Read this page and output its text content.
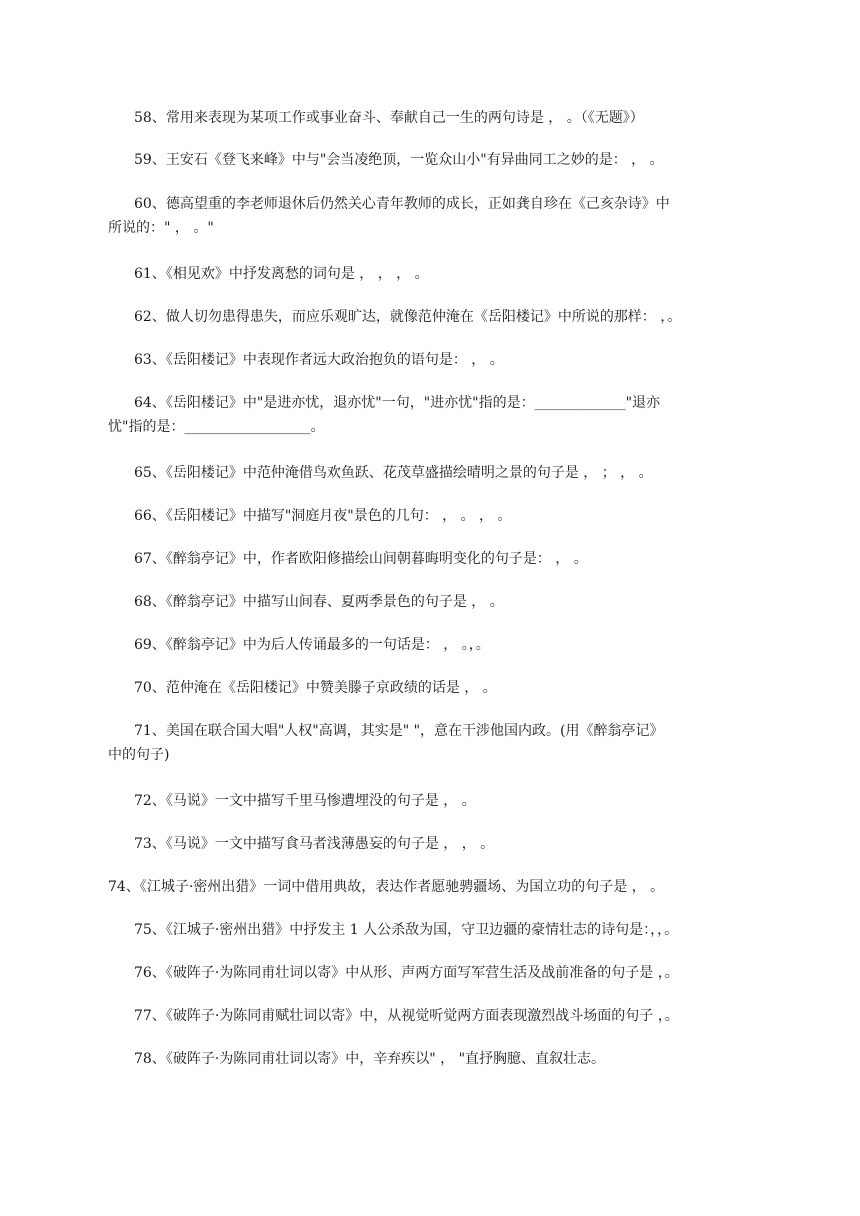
58、常用来表现为某项工作或事业奋斗、奉献自己一生的两句诗是 ， 。（《无题》）
59、王安石《登飞来峰》中与"会当凌绝顶，一览众山小"有异曲同工之妙的是： ， 。
60、德高望重的李老师退休后仍然关心青年教师的成长，正如龚自珍在《己亥杂诗》中
所说的：" ， 。"
61、《相见欢》中抒发离愁的词句是 ， ， ， 。
62、做人切勿患得患失，而应乐观旷达，就像范仲淹在《岳阳楼记》中所说的那样： ，。
63、《岳阳楼记》中表现作者远大政治抱负的语句是： ， 。
64、《岳阳楼记》中"是进亦忧，退亦忧"一句，"进亦忧"指的是：_____________"退亦
忧"指的是：__________________。
65、《岳阳楼记》中范仲淹借鸟欢鱼跃、花茂草盛描绘晴明之景的句子是 ， ； ， 。
66、《岳阳楼记》中描写"洞庭月夜"景色的几句： ， 。 ， 。
67、《醉翁亭记》中，作者欧阳修描绘山间朝暮晦明变化的句子是： ， 。
68、《醉翁亭记》中描写山间春、夏两季景色的句子是 ， 。
69、《醉翁亭记》中为后人传诵最多的一句话是： ， 。，。
70、范仲淹在《岳阳楼记》中赞美滕子京政绩的话是 ， 。
71、美国在联合国大唱"人权"高调，其实是" "，意在干涉他国内政。(用《醉翁亭记》
中的句子)
72、《马说》一文中描写千里马惨遭埋没的句子是 ， 。
73、《马说》一文中描写食马者浅薄愚妄的句子是 ， ， 。
74、《江城子·密州出猎》一词中借用典故，表达作者愿驰骋疆场、为国立功的句子是 ， 。
75、《江城子·密州出猎》中抒发主 1 人公杀敌为国，守卫边疆的豪情壮志的诗句是：，，。
76、《破阵子·为陈同甫壮词以寄》中从形、声两方面写军营生活及战前准备的句子是 ，。
77、《破阵子·为陈同甫赋壮词以寄》中，从视觉听觉两方面表现激烈战斗场面的句子 ，。
78、《破阵子·为陈同甫壮词以寄》中，辛弃疾以" ， "直抒胸臆、直叙壮志。
